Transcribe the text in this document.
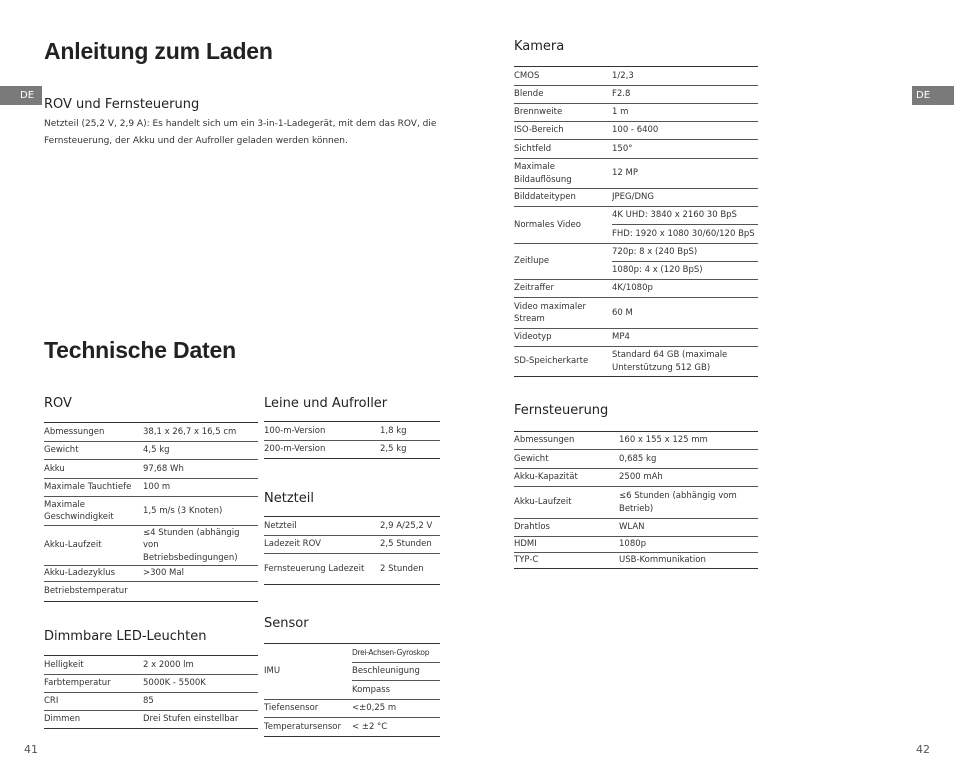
DE
Anleitung zum Laden
ROV und Fernsteuerung
Netzteil (25,2 V, 2,9 A): Es handelt sich um ein 3-in-1-Ladegerät, mit dem das ROV, die
Fernsteuerung, der Akku und der Aufroller geladen werden können.
Technische Daten
ROV
Abmessungen	38,1 x 26,7 x 16,5 cm
Gewicht	4,5 kg
Akku	97,68 Wh
Maximale Tauchtiefe	100 m
Maximale Geschwindigkeit	1,5 m/s (3 Knoten)
Akku-Laufzeit	≤4 Stunden (abhängig von Betriebsbedingungen)
Akku-Ladezyklus	>300 Mal
Betriebstemperatur	
Dimmbare LED-Leuchten
Helligkeit	2 x 2000 lm
Farbtemperatur	5000K - 5500K
CRI	85
Dimmen	Drei Stufen einstellbar
Leine und Aufroller
100-m-Version	1,8 kg
200-m-Version	2,5 kg
Netzteil
Netzteil	2,9 A/25,2 V
Ladezeit ROV	2,5 Stunden
Fernsteuerung Ladezeit	2 Stunden
Sensor
IMU	Drei-Achsen-Gyroskop
	Beschleunigung
	Kompass
Tiefensensor	<±0,25 m
Temperatursensor	< ±2 °C
41
DE
Kamera
CMOS	1/2,3
Blende	F2.8
Brennweite	1 m
ISO-Bereich	100 - 6400
Sichtfeld	150°
Maximale Bildauflösung	12 MP
Bilddateitypen	JPEG/DNG
Normales Video	4K UHD: 3840 x 2160 30 BpS
	FHD: 1920 x 1080 30/60/120 BpS
Zeitlupe	720p: 8 x (240 BpS)
	1080p: 4 x (120 BpS)
Zeitraffer	4K/1080p
Video maximaler Stream	60 M
Videotyp	MP4
SD-Speicherkarte	Standard 64 GB (maximale Unterstützung 512 GB)
Fernsteuerung
Abmessungen	160 x 155 x 125 mm
Gewicht	0,685 kg
Akku-Kapazität	2500 mAh
Akku-Laufzeit	≤6 Stunden (abhängig vom Betrieb)
Drahtlos	WLAN
HDMI	1080p
TYP-C	USB-Kommunikation
42
